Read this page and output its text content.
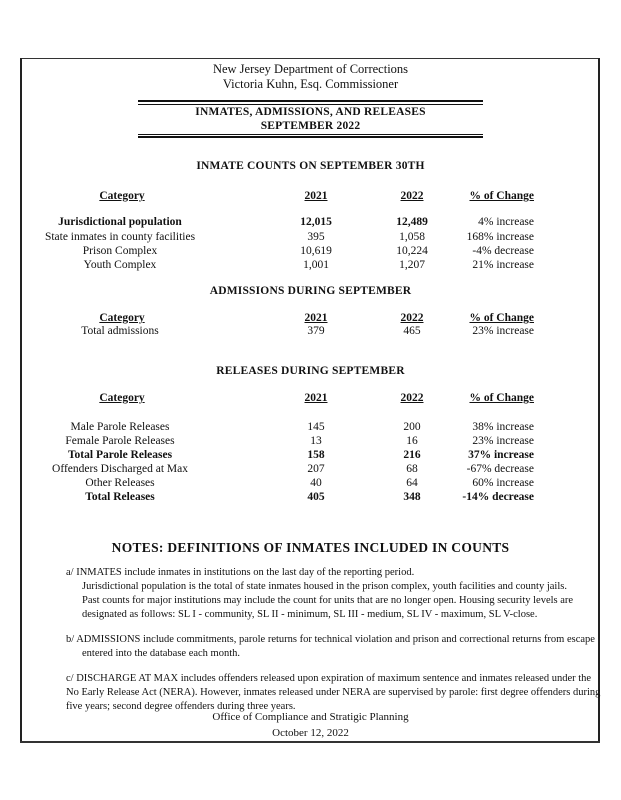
New Jersey Department of Corrections
Victoria Kuhn, Esq. Commissioner
INMATES, ADMISSIONS, AND RELEASES
SEPTEMBER 2022
INMATE COUNTS ON SEPTEMBER 30TH
Category	2021	2022	% of Change
Jurisdictional population	12,015	12,489	4% increase
State inmates in county facilities	395	1,058	168% increase
Prison Complex	10,619	10,224	-4% decrease
Youth Complex	1,001	1,207	21% increase
ADMISSIONS DURING SEPTEMBER
Category	2021	2022	% of Change
Total admissions	379	465	23% increase
RELEASES DURING SEPTEMBER
Category	2021	2022	% of Change
Male Parole Releases	145	200	38% increase
Female Parole Releases	13	16	23% increase
Total Parole Releases	158	216	37% increase
Offenders Discharged at Max	207	68	-67% decrease
Other Releases	40	64	60% increase
Total Releases	405	348	-14% decrease
NOTES: DEFINITIONS OF INMATES INCLUDED IN COUNTS
a/ INMATES include inmates in institutions on the last day of the reporting period.
Jurisdictional population is the total of state inmates housed in the prison complex, youth facilities and county jails.
Past counts for major institutions may include the count for units that are no longer open. Housing security levels are
designated as follows: SL I - community, SL II - minimum, SL III - medium, SL IV - maximum, SL V-close.
b/ ADMISSIONS include commitments, parole returns for technical violation and prison and correctional returns from escape
entered into the database each month.
c/ DISCHARGE AT MAX includes offenders released upon expiration of maximum sentence and inmates released under the
No Early Release Act (NERA). However, inmates released under NERA are supervised by parole: first degree offenders during
five years; second degree offenders during three years.
Office of Compliance and Stratigic Planning
October 12, 2022
